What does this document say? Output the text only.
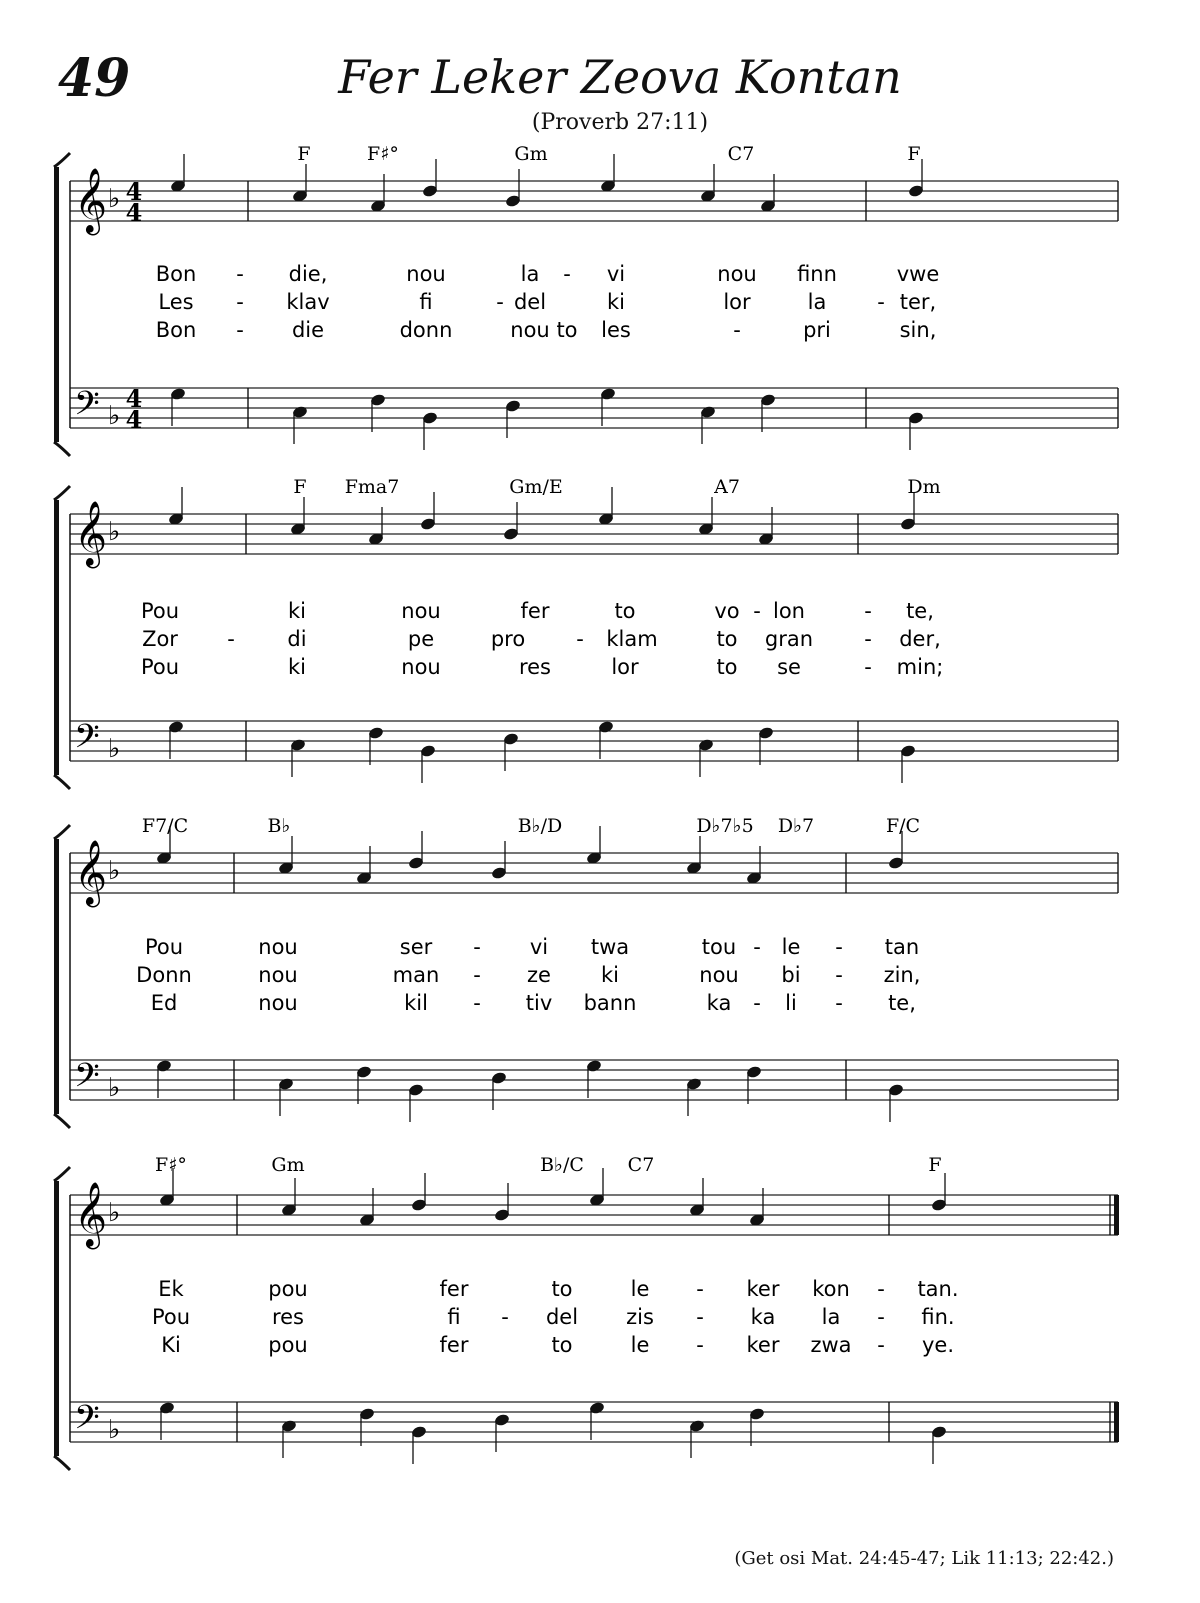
49	Fer Leker Zeova Kontan
(Proverb 27:11)
𝄞
𝄢
♭
♭
4
4
4
4
𝄞
𝄢
♭
♭
𝄞
𝄢
♭
♭
𝄞
𝄢
♭
♭
F	F♯°	Gm	C7	F
Bon - die,	nou	la - vi	nou finn	vwe
Les - klav	fi	- del	ki	lor	la - ter,
Bon - die	donn	nou to les	-	pri	sin,
F Fma7	Gm/E	A7	Dm
Pou	ki	nou	fer	to	vo - lon	- te,
Zor -	di	pe	pro - klam	to gran - der,
Pou	ki	nou	res	lor	to se	- min;
F7/C	B♭	B♭/D	D♭7♭5 D♭7	F/C
Pou	nou	ser - vi twa	tou - le - tan
Donn	nou	man - ze ki	nou bi - zin,
Ed	nou	kil - tiv bann	ka - li - te,
F♯°	Gm	B♭/C C7	F
Ek	pou	fer	to	le - ker kon - tan.
Pou	res	fi - del zis - ka la - fin.
Ki	pou	fer	to	le - ker zwa - ye.
(Get osi Mat. 24:45-47; Lik 11:13; 22:42.)
